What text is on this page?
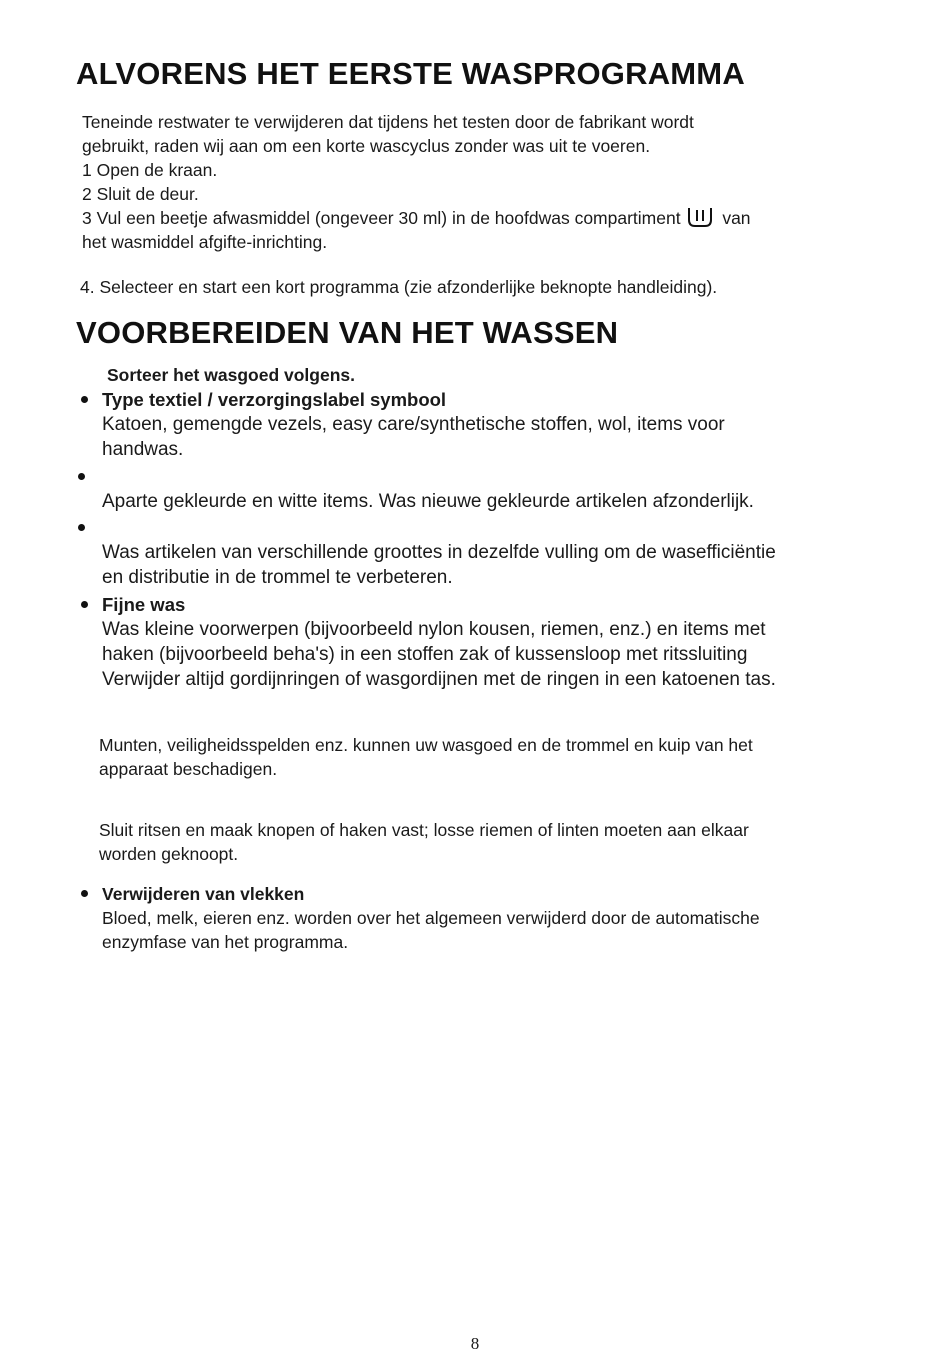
ALVORENS HET EERSTE WASPROGRAMMA

Teneinde restwater te verwijderen dat tijdens het testen door de fabrikant wordt

gebruikt, raden wij aan om een korte wascyclus zonder was uit te voeren.

1 Open de kraan.

2 Sluit de deur.

3 Vul een beetje afwasmiddel (ongeveer 30 ml) in de hoofdwas compartiment van

het wasmiddel afgifte-inrichting.

4. Selecteer en start een kort programma (zie afzonderlijke beknopte handleiding).

VOORBEREIDEN VAN HET WASSEN

Sorteer het wasgoed volgens.

Type textiel / verzorgingslabel symbool

Katoen, gemengde vezels, easy care/synthetische stoffen, wol, items voor

handwas.

Aparte gekleurde en witte items. Was nieuwe gekleurde artikelen afzonderlijk.

Was artikelen van verschillende groottes in dezelfde vulling om de wasefficiëntie

en distributie in de trommel te verbeteren.

Fijne was

Was kleine voorwerpen (bijvoorbeeld nylon kousen, riemen, enz.) en items met

haken (bijvoorbeeld beha's) in een stoffen zak of kussensloop met ritssluiting

Verwijder altijd gordijnringen of wasgordijnen met de ringen in een katoenen tas.

Munten, veiligheidsspelden enz. kunnen uw wasgoed en de trommel en kuip van het

apparaat beschadigen.

Sluit ritsen en maak knopen of haken vast; losse riemen of linten moeten aan elkaar

worden geknoopt.

Verwijderen van vlekken

Bloed, melk, eieren enz. worden over het algemeen verwijderd door de automatische

enzymfase van het programma.

8
